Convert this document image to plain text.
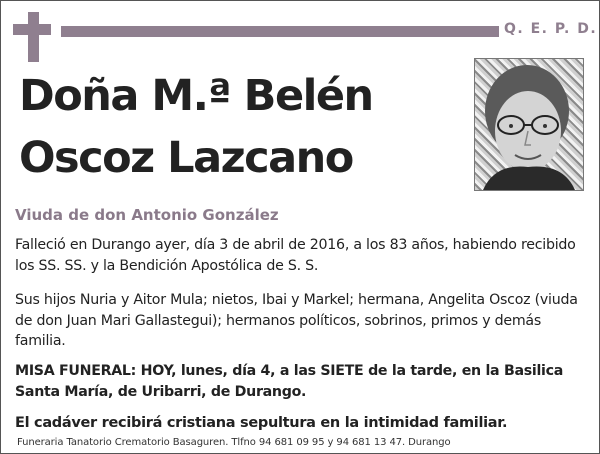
Q. E. P. D.
Doña M.ª Belén
Oscoz Lazcano
Viuda de don Antonio González
Falleció en Durango ayer, día 3 de abril de 2016, a los 83 años, habiendo recibido los SS. SS. y la Bendición Apostólica de S. S.
Sus hijos Nuria y Aitor Mula; nietos, Ibai y Markel; hermana, Angelita Oscoz (viuda de don Juan Mari Gallastegui); hermanos políticos, sobrinos, primos y demás familia.
MISA FUNERAL: HOY, lunes, día 4, a las SIETE de la tarde, en la Basilica Santa María, de Uribarri, de Durango.
El cadáver recibirá cristiana sepultura en la intimidad familiar.
Funeraria Tanatorio Crematorio Basaguren. Tlfno 94 681 09 95 y 94 681 13 47. Durango
